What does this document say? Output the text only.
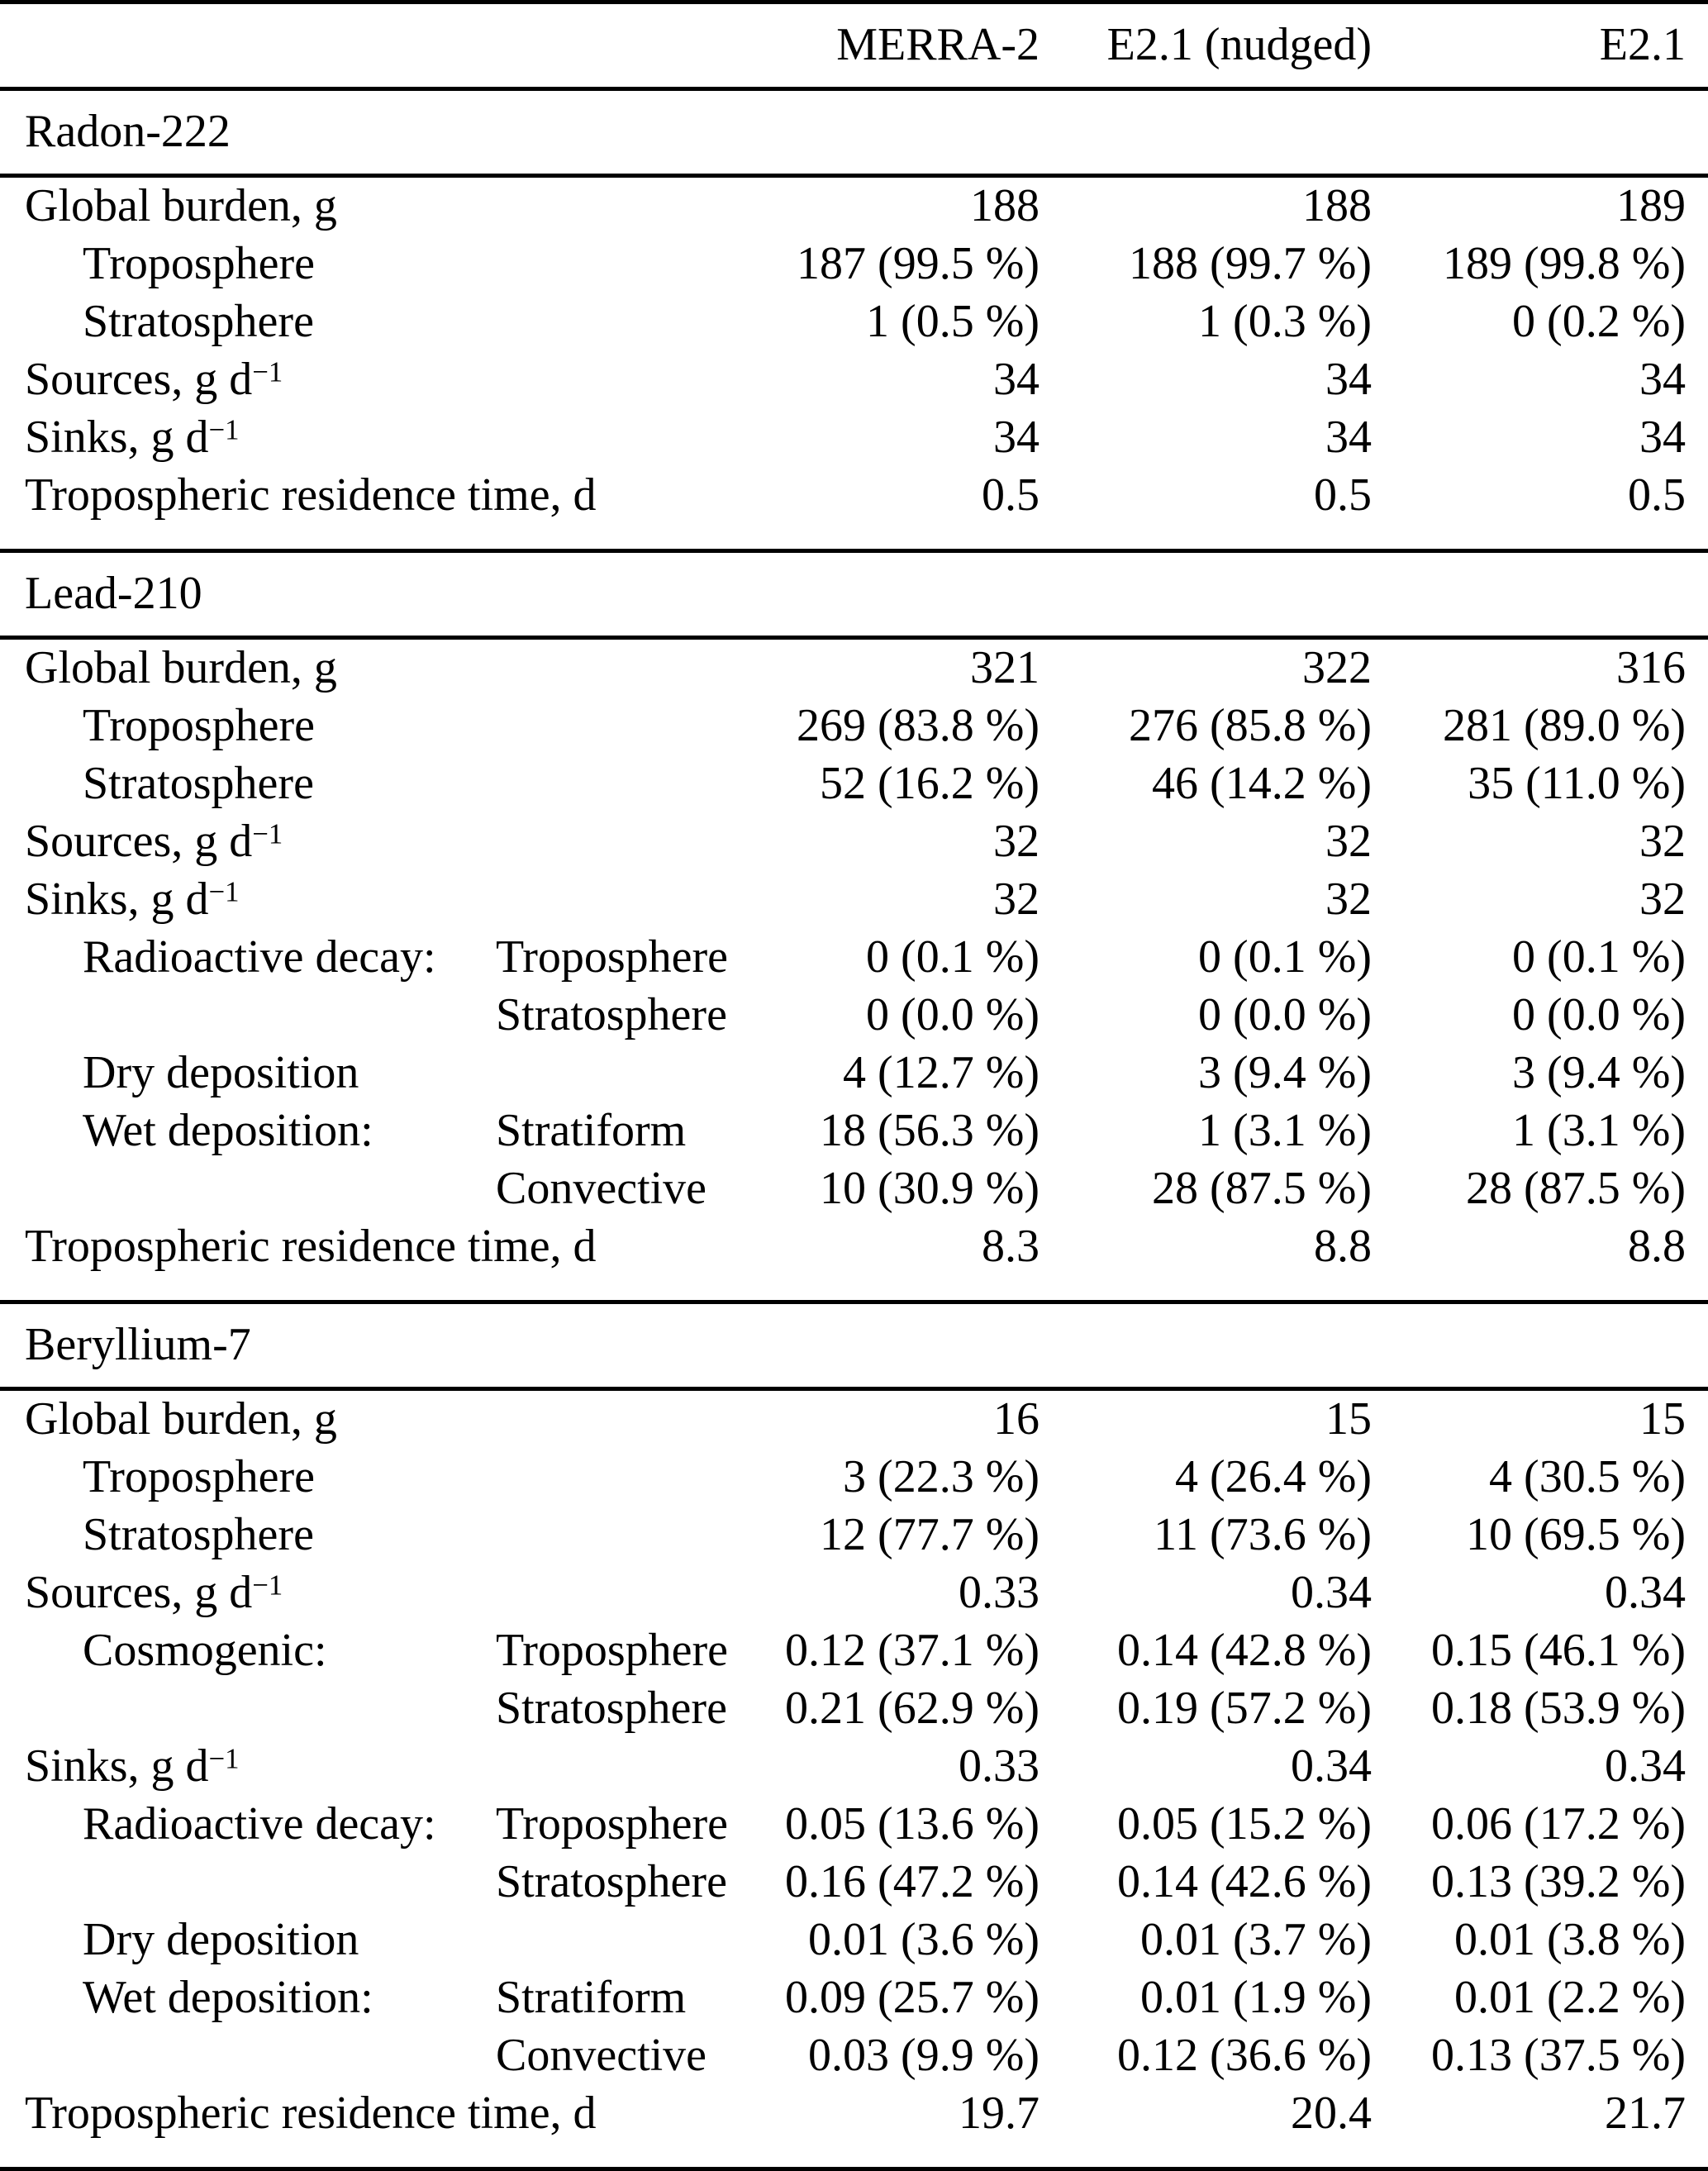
		MERRA-2	E2.1 (nudged)	E2.1
Radon-222				
Global burden, g		188	188	189
Troposphere		187 (99.5 %)	188 (99.7 %)	189 (99.8 %)
Stratosphere		1 (0.5 %)	1 (0.3 %)	0 (0.2 %)
Sources, g $d^{-1}$		34	34	34
Sinks, g $d^{-1}$		34	34	34
Tropospheric residence time, d		0.5	0.5	0.5

Lead-210				
Global burden, g		321	322	316
Troposphere		269 (83.8 %)	276 (85.8 %)	281 (89.0 %)
Stratosphere		52 (16.2 %)	46 (14.2 %)	35 (11.0 %)
Sources, g $d^{-1}$		32	32	32
Sinks, g $d^{-1}$		32	32	32
Radioactive decay:	Troposphere	0 (0.1 %)	0 (0.1 %)	0 (0.1 %)
	Stratosphere	0 (0.0 %)	0 (0.0 %)	0 (0.0 %)
Dry deposition		4 (12.7 %)	3 (9.4 %)	3 (9.4 %)
Wet deposition:	Stratiform	18 (56.3 %)	1 (3.1 %)	1 (3.1 %)
	Convective	10 (30.9 %)	28 (87.5 %)	28 (87.5 %)
Tropospheric residence time, d		8.3	8.8	8.8

Beryllium-7				
Global burden, g		16	15	15
Troposphere		3 (22.3 %)	4 (26.4 %)	4 (30.5 %)
Stratosphere		12 (77.7 %)	11 (73.6 %)	10 (69.5 %)
Sources, g $d^{-1}$		0.33	0.34	0.34
Cosmogenic:	Troposphere	0.12 (37.1 %)	0.14 (42.8 %)	0.15 (46.1 %)
	Stratosphere	0.21 (62.9 %)	0.19 (57.2 %)	0.18 (53.9 %)
Sinks, g $d^{-1}$		0.33	0.34	0.34
Radioactive decay:	Troposphere	0.05 (13.6 %)	0.05 (15.2 %)	0.06 (17.2 %)
	Stratosphere	0.16 (47.2 %)	0.14 (42.6 %)	0.13 (39.2 %)
Dry deposition		0.01 (3.6 %)	0.01 (3.7 %)	0.01 (3.8 %)
Wet deposition:	Stratiform	0.09 (25.7 %)	0.01 (1.9 %)	0.01 (2.2 %)
	Convective	0.03 (9.9 %)	0.12 (36.6 %)	0.13 (37.5 %)
Tropospheric residence time, d		19.7	20.4	21.7
